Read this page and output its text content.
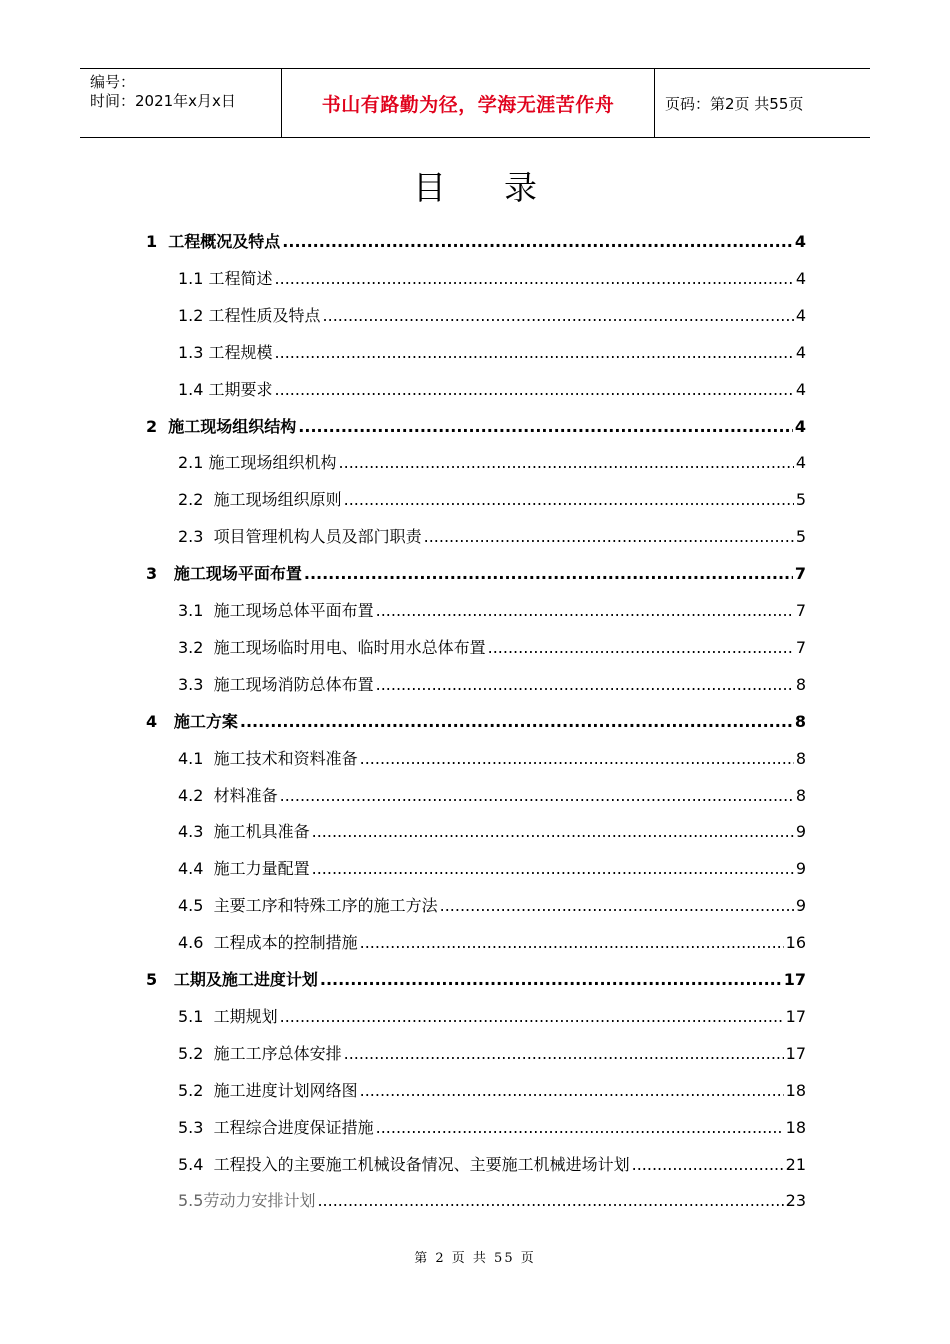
编号：
时间：2021年x月x日	书山有路勤为径，学海无涯苦作舟	页码：第2页 共55页
目录
1  工程概况及特点 .....	4
1.1 工程简述 .....	4
1.2 工程性质及特点 .....	4
1.3 工程规模 .....	4
1.4 工期要求 .....	4
2  施工现场组织结构 .....	4
2.1 施工现场组织机构 .....	4
2.2  施工现场组织原则 .....	5
2.3  项目管理机构人员及部门职责 .....	5
3   施工现场平面布置 .....	7
3.1  施工现场总体平面布置 .....	7
3.2  施工现场临时用电、临时用水总体布置 .....	7
3.3  施工现场消防总体布置 .....	8
4   施工方案 .....	8
4.1  施工技术和资料准备 .....	8
4.2  材料准备 .....	8
4.3  施工机具准备 .....	9
4.4  施工力量配置 .....	9
4.5  主要工序和特殊工序的施工方法 .....	9
4.6  工程成本的控制措施 .....	16
5   工期及施工进度计划 .....	17
5.1  工期规划 .....	17
5.2  施工工序总体安排 .....	17
5.2  施工进度计划网络图 .....	18
5.3  工程综合进度保证措施 .....	18
5.4  工程投入的主要施工机械设备情况、主要施工机械进场计划 .....	21
5.5劳动力安排计划 .....	23
第 2 页 共 55 页
